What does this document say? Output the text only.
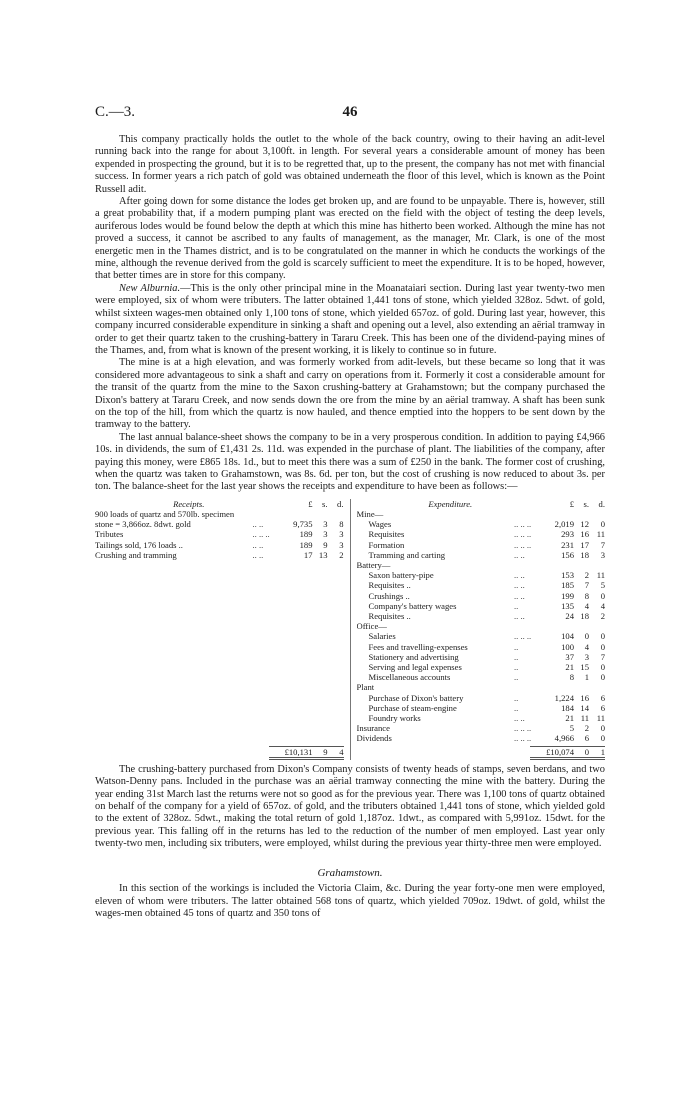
C.—3.	46

This company practically holds the outlet to the whole of the back country, owing to their having an adit-level running back into the range for about 3,100ft. in length. For several years a considerable amount of money has been expended in prospecting the ground, but it is to be regretted that, up to the present, the company has not met with financial success. In former years a rich patch of gold was obtained underneath the floor of this level, which is known as the Point Russell adit.

After going down for some distance the lodes get broken up, and are found to be unpayable. There is, however, still a great probability that, if a modern pumping plant was erected on the field with the object of testing the deep levels, auriferous lodes would be found below the depth at which this mine has hitherto been worked. Although the mine has not proved a success, it cannot be ascribed to any faults of management, as the manager, Mr. Clark, is one of the most energetic men in the Thames district, and is to be congratulated on the manner in which he conducts the workings of the mine, although the revenue derived from the gold is scarcely sufficient to meet the expenditure. It is to be hoped, however, that better times are in store for this company.

New Alburnia.—This is the only other principal mine in the Moanataiari section. During last year twenty-two men were employed, six of whom were tributers. The latter obtained 1,441 tons of stone, which yielded 328oz. 5dwt. of gold, whilst sixteen wages-men obtained only 1,100 tons of stone, which yielded 657oz. of gold. During last year, however, this company incurred considerable expenditure in sinking a shaft and opening out a level, also extending an aërial tramway in order to get their quartz taken to the crushing-battery in Tararu Creek. This has been one of the dividend-paying mines of the Thames, and, from what is known of the present working, it is likely to continue so in future.

The mine is at a high elevation, and was formerly worked from adit-levels, but these became so long that it was considered more advantageous to sink a shaft and carry on operations from it. Formerly it cost a considerable amount for the transit of the quartz from the mine to the Saxon crushing-battery at Grahamstown; but the company purchased the Dixon's battery at Tararu Creek, and now sends down the ore from the mine by an aërial tramway. A shaft has been sunk on the top of the hill, from which the quartz is now hauled, and thence emptied into the hoppers to be sent down by the tramway to the battery.

The last annual balance-sheet shows the company to be in a very prosperous condition. In addition to paying £4,966 10s. in dividends, the sum of £1,431 2s. 11d. was expended in the purchase of plant. The liabilities of the company, after paying this money, were £865 18s. 1d., but to meet this there was a sum of £250 in the bank. The former cost of crushing, when the quartz was taken to Grahamstown, was 8s. 6d. per ton, but the cost of crushing is now reduced to about 3s. per ton. The balance-sheet for the last year shows the receipts and expenditure to have been as follows:—

Receipts.	£	s.	d.
900 loads of quartz and 570lb. specimen
stone = 3,866oz. 8dwt. gold	.. ..	9,735	3	8
Tributes	.. .. ..	189	3	3
Tailings sold, 176 loads ..	.. ..	189	9	3
Crushing and tramming	.. ..	17 13	2
£10,131	9	4
Expenditure.	£	s.	d.
Mine—
Wages	.. .. ..	2,019 12	0
Requisites	.. .. ..	293 16 11
Formation	.. .. ..	231 17	7
Tramming and carting	.. ..	156 18	3
Battery—
Saxon battery-pipe	.. ..	153	2 11
Requisites ..	.. ..	185	7	5
Crushings ..	.. ..	199	8	0
Company's battery wages	..	135	4	4
Requisites ..	.. ..	24 18	2
Office—
Salaries	.. .. ..	104	0	0
Fees and travelling-expenses	..	100	4	0
Stationery and advertising	..	37	3	7
Serving and legal expenses	..	21 15	0
Miscellaneous accounts	..	8	1	0
Plant
Purchase of Dixon's battery	..	1,224 16	6
Purchase of steam-engine	..	184 14	6
Foundry works	.. ..	21 11 11
Insurance	.. .. ..	5	2	0
Dividends	.. .. ..	4,966	6	0
£10,074	0	1

The crushing-battery purchased from Dixon's Company consists of twenty heads of stamps, seven berdans, and two Watson-Denny pans. Included in the purchase was an aërial tramway connecting the mine with the battery. During the year ending 31st March last the returns were not so good as for the previous year. There was 1,100 tons of quartz obtained on behalf of the company for a yield of 657oz. of gold, and the tributers obtained 1,441 tons of stone, which yielded gold to the extent of 328oz. 5dwt., making the total return of gold 1,187oz. 1dwt., as compared with 5,991oz. 15dwt. for the previous year. This falling off in the returns has led to the reduction of the number of men employed. Last year only twenty-two men, including six tributers, were employed, whilst during the previous year thirty-three men were employed.

Grahamstown.

In this section of the workings is included the Victoria Claim, &c. During the year forty-one men were employed, eleven of whom were tributers. The latter obtained 568 tons of quartz, which yielded 709oz. 19dwt. of gold, whilst the wages-men obtained 45 tons of quartz and 350 tons of
